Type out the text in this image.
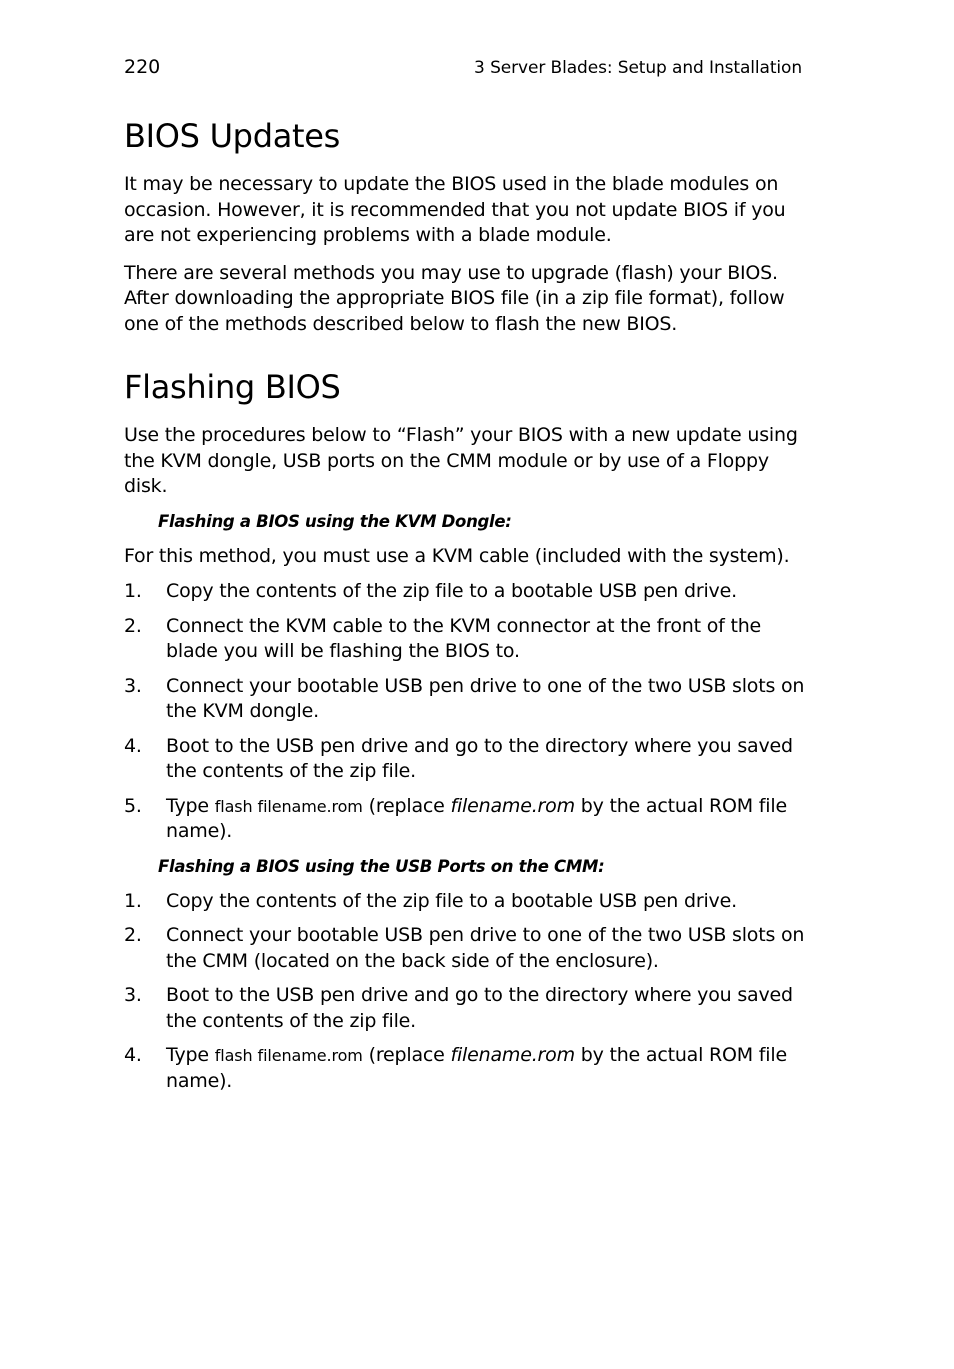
220	3 Server Blades: Setup and Installation
BIOS Updates

It may be necessary to update the BIOS used in the blade modules on occasion. However, it is recommended that you not update BIOS if you are not experiencing problems with a blade module.

There are several methods you may use to upgrade (flash) your BIOS. After downloading the appropriate BIOS file (in a zip file format), follow one of the methods described below to flash the new BIOS.

Flashing BIOS

Use the procedures below to “Flash” your BIOS with a new update using the KVM dongle, USB ports on the CMM module or by use of a Floppy disk.

Flashing a BIOS using the KVM Dongle:

For this method, you must use a KVM cable (included with the system).

1. Copy the contents of the zip file to a bootable USB pen drive.
2. Connect the KVM cable to the KVM connector at the front of the blade you will be flashing the BIOS to.
3. Connect your bootable USB pen drive to one of the two USB slots on the KVM dongle.
4. Boot to the USB pen drive and go to the directory where you saved the contents of the zip file.
5. Type flash filename.rom (replace filename.rom by the actual ROM file name).
Flashing a BIOS using the USB Ports on the CMM:
1. Copy the contents of the zip file to a bootable USB pen drive.
2. Connect your bootable USB pen drive to one of the two USB slots on the CMM (located on the back side of the enclosure).
3. Boot to the USB pen drive and go to the directory where you saved the contents of the zip file.
4. Type flash filename.rom (replace filename.rom by the actual ROM file name).
